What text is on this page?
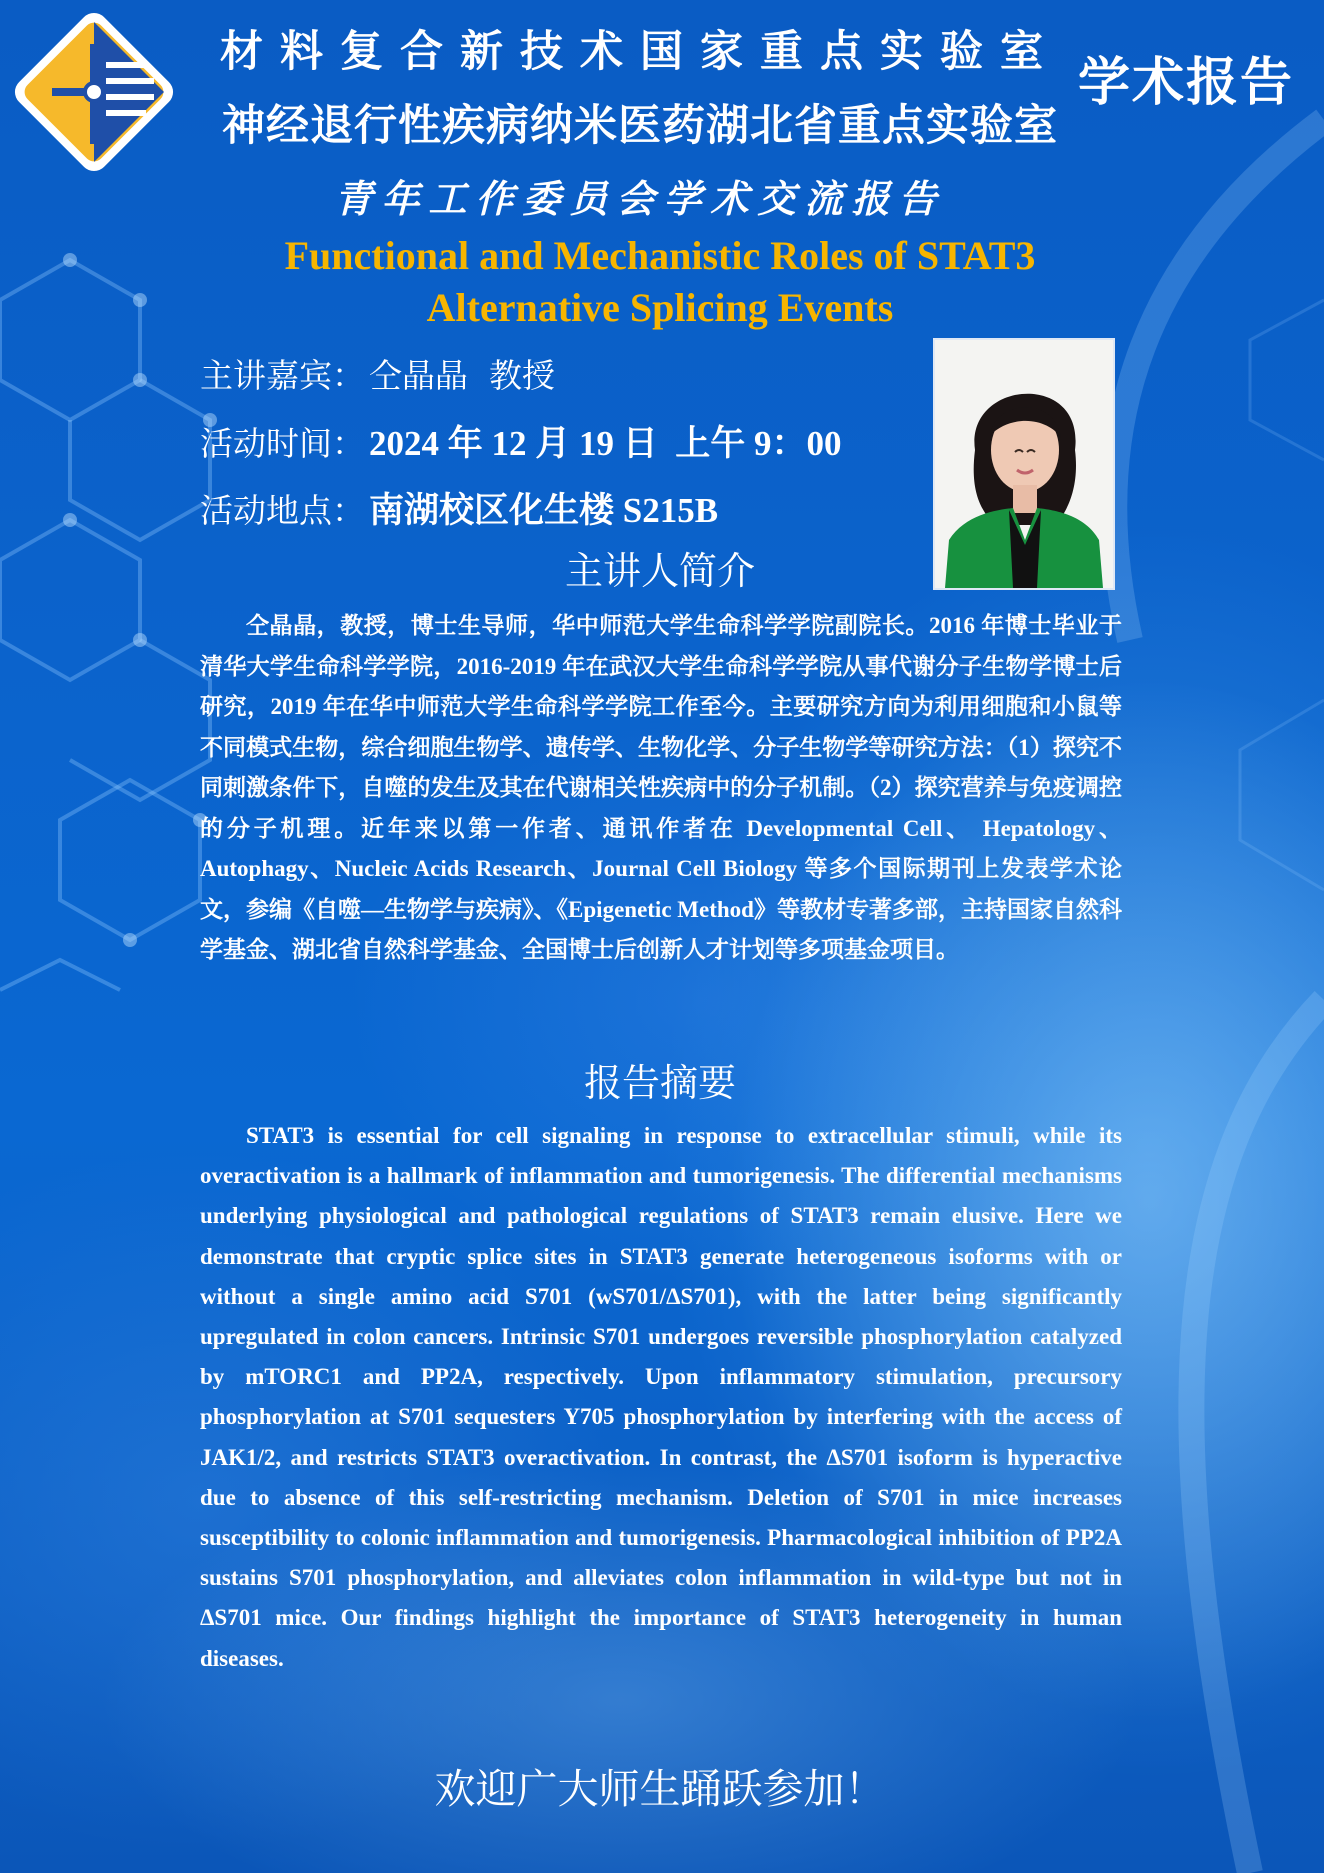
材料复合新技术国家重点实验室
神经退行性疾病纳米医药湖北省重点实验室
学术报告
青年工作委员会学术交流报告
Functional and Mechanistic Roles of STAT3
Alternative Splicing Events
主讲嘉宾： 仝晶晶  教授
活动时间： 2024 年 12 月 19 日  上午 9：00
活动地点： 南湖校区化生楼 S215B
主讲人简介
仝晶晶，教授，博士生导师，华中师范大学生命科学学院副院长。2016 年博士毕业于清华大学生命科学学院，2016-2019 年在武汉大学生命科学学院从事代谢分子生物学博士后研究，2019 年在华中师范大学生命科学学院工作至今。主要研究方向为利用细胞和小鼠等不同模式生物，综合细胞生物学、遗传学、生物化学、分子生物学等研究方法：（1）探究不同刺激条件下，自噬的发生及其在代谢相关性疾病中的分子机制。（2）探究营养与免疫调控的分子机理。近年来以第一作者、通讯作者在 Developmental Cell、 Hepatology、Autophagy、Nucleic Acids Research、Journal Cell Biology 等多个国际期刊上发表学术论文，参编《自噬—生物学与疾病》、《Epigenetic Method》等教材专著多部，主持国家自然科学基金、湖北省自然科学基金、全国博士后创新人才计划等多项基金项目。
报告摘要
STAT3 is essential for cell signaling in response to extracellular stimuli, while its overactivation is a hallmark of inflammation and tumorigenesis. The differential mechanisms underlying physiological and pathological regulations of STAT3 remain elusive. Here we demonstrate that cryptic splice sites in STAT3 generate heterogeneous isoforms with or without a single amino acid S701 (wS701/ΔS701), with the latter being significantly upregulated in colon cancers. Intrinsic S701 undergoes reversible phosphorylation catalyzed by mTORC1 and PP2A, respectively. Upon inflammatory stimulation, precursory phosphorylation at S701 sequesters Y705 phosphorylation by interfering with the access of JAK1/2, and restricts STAT3 overactivation. In contrast, the ΔS701 isoform is hyperactive due to absence of this self-restricting mechanism. Deletion of S701 in mice increases susceptibility to colonic inflammation and tumorigenesis. Pharmacological inhibition of PP2A sustains S701 phosphorylation, and alleviates colon inflammation in wild-type but not in ΔS701 mice. Our findings highlight the importance of STAT3 heterogeneity in human diseases.
欢迎广大师生踊跃参加！
